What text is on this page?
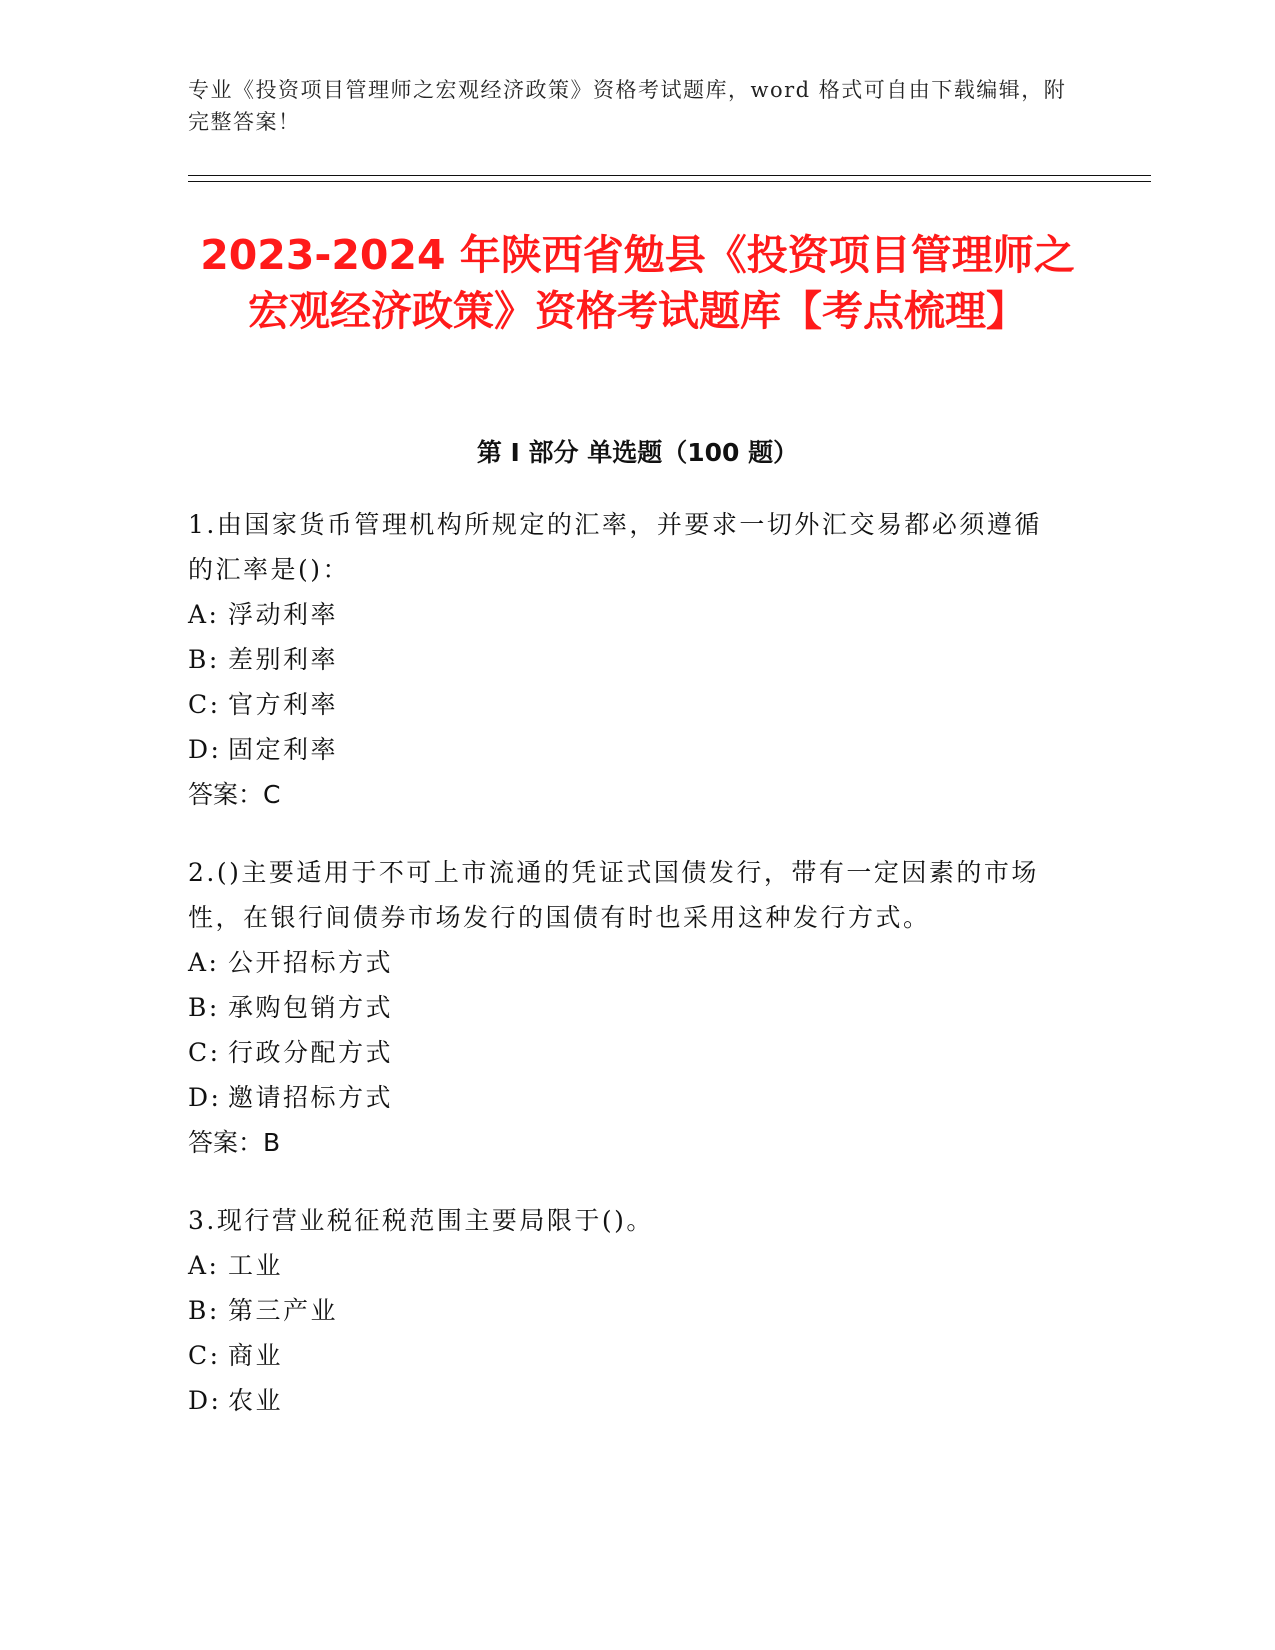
专业《投资项目管理师之宏观经济政策》资格考试题库，word 格式可自由下载编辑，附完整答案！
2023-2024 年陕西省勉县《投资项目管理师之宏观经济政策》资格考试题库【考点梳理】
第 I 部分 单选题（100 题）
1.由国家货币管理机构所规定的汇率，并要求一切外汇交易都必须遵循的汇率是()：
A: 浮动利率
B: 差别利率
C: 官方利率
D: 固定利率
答案：C
2.()主要适用于不可上市流通的凭证式国债发行，带有一定因素的市场性，在银行间债券市场发行的国债有时也采用这种发行方式。
A: 公开招标方式
B: 承购包销方式
C: 行政分配方式
D: 邀请招标方式
答案：B
3.现行营业税征税范围主要局限于()。
A: 工业
B: 第三产业
C: 商业
D: 农业
